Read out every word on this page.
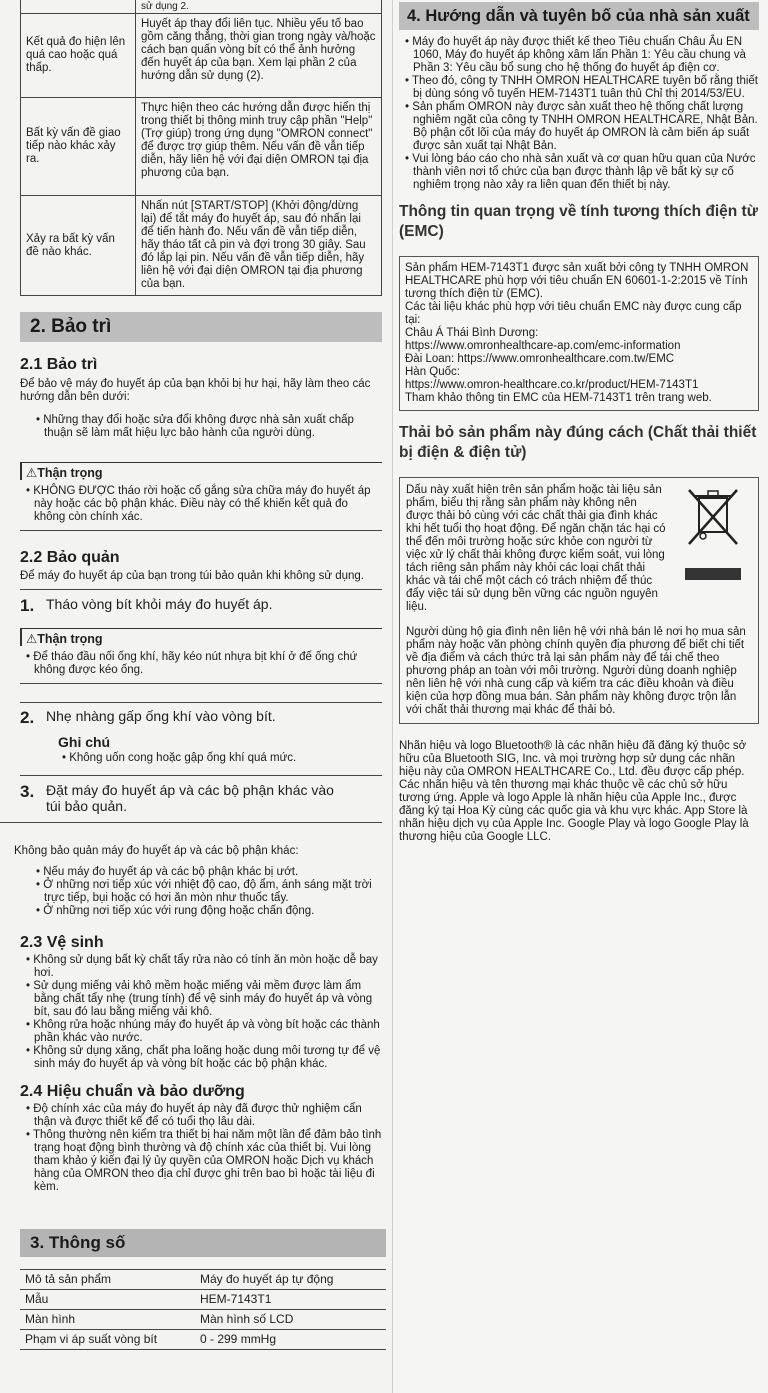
	sử dụng 2.
Kết quả đo hiện lên quá cao hoặc quá thấp.	Huyết áp thay đổi liên tục. Nhiều yếu tố bao gồm căng thẳng, thời gian trong ngày và/hoặc cách bạn quấn vòng bít có thể ảnh hưởng đến huyết áp của bạn. Xem lại phần 2 của hướng dẫn sử dụng (2).
Bất kỳ vấn đề giao tiếp nào khác xảy ra.	Thực hiện theo các hướng dẫn được hiển thị trong thiết bị thông minh truy cập phần "Help" (Trợ giúp) trong ứng dụng "OMRON connect" để được trợ giúp thêm. Nếu vấn đề vẫn tiếp diễn, hãy liên hệ với đại diện OMRON tại địa phương của bạn.
Xảy ra bất kỳ vấn đề nào khác.	Nhấn nút [START/STOP] (Khởi động/dừng lại) để tắt máy đo huyết áp, sau đó nhấn lại để tiến hành đo. Nếu vấn đề vẫn tiếp diễn, hãy tháo tất cả pin và đợi trong 30 giây. Sau đó lắp lại pin. Nếu vấn đề vẫn tiếp diễn, hãy liên hệ với đại diện OMRON tại địa phương của bạn.
2. Bảo trì

2.1 Bảo trì

Để bảo vệ máy đo huyết áp của bạn khỏi bị hư hại, hãy làm theo các hướng dẫn bên dưới:

• Những thay đổi hoặc sửa đổi không được nhà sản xuất chấp thuận sẽ làm mất hiệu lực bảo hành của người dùng.

⚠Thận trọng

• KHÔNG ĐƯỢC tháo rời hoặc cố gắng sửa chữa máy đo huyết áp này hoặc các bộ phận khác. Điều này có thể khiến kết quả đo không còn chính xác.

2.2 Bảo quản

Để máy đo huyết áp của bạn trong túi bảo quản khi không sử dụng.

1. Tháo vòng bít khỏi máy đo huyết áp.
⚠Thận trọng

• Để tháo đầu nối ống khí, hãy kéo nút nhựa bịt khí ở đế ống chứ không được kéo ống.

2. Nhẹ nhàng gấp ống khí vào vòng bít.

Ghi chú

• Không uốn cong hoặc gập ống khí quá mức.

3. Đặt máy đo huyết áp và các bộ phận khác vào túi bảo quản.

Không bảo quản máy đo huyết áp và các bộ phận khác:

• Nếu máy đo huyết áp và các bộ phận khác bị ướt.

• Ở những nơi tiếp xúc với nhiệt độ cao, độ ẩm, ánh sáng mặt trời trực tiếp, bụi hoặc có hơi ăn mòn như thuốc tẩy.

• Ở những nơi tiếp xúc với rung động hoặc chấn động.

2.3 Vệ sinh

• Không sử dụng bất kỳ chất tẩy rửa nào có tính ăn mòn hoặc dễ bay hơi.

• Sử dụng miếng vải khô mềm hoặc miếng vải mềm được làm ẩm bằng chất tẩy nhẹ (trung tính) để vệ sinh máy đo huyết áp và vòng bít, sau đó lau bằng miếng vải khô.

• Không rửa hoặc nhúng máy đo huyết áp và vòng bít hoặc các thành phần khác vào nước.

• Không sử dụng xăng, chất pha loãng hoặc dung môi tương tự để vệ sinh máy đo huyết áp và vòng bít hoặc các bộ phận khác.

2.4 Hiệu chuẩn và bảo dưỡng

• Độ chính xác của máy đo huyết áp này đã được thử nghiệm cẩn thận và được thiết kế để có tuổi thọ lâu dài.

• Thông thường nên kiểm tra thiết bị hai năm một lần để đảm bảo tình trạng hoạt động bình thường và độ chính xác của thiết bị. Vui lòng tham khảo ý kiến đại lý ủy quyền của OMRON hoặc Dịch vụ khách hàng của OMRON theo địa chỉ được ghi trên bao bì hoặc tài liệu đi kèm.

3. Thông số
Mô tả sản phẩm	Máy đo huyết áp tự động
Mẫu	HEM-7143T1
Màn hình	Màn hình số LCD
Phạm vi áp suất vòng bít	0 - 299 mmHg
4. Hướng dẫn và tuyên bố của nhà sản xuất

• Máy đo huyết áp này được thiết kế theo Tiêu chuẩn Châu Âu EN 1060, Máy đo huyết áp không xâm lấn Phần 1: Yêu cầu chung và Phần 3: Yêu cầu bổ sung cho hệ thống đo huyết áp điện cơ.

• Theo đó, công ty TNHH OMRON HEALTHCARE tuyên bố rằng thiết bị dùng sóng vô tuyến HEM-7143T1 tuân thủ Chỉ thị 2014/53/EU.

• Sản phẩm OMRON này được sản xuất theo hệ thống chất lượng nghiêm ngặt của công ty TNHH OMRON HEALTHCARE, Nhật Bản. Bộ phận cốt lõi của máy đo huyết áp OMRON là cảm biến áp suất được sản xuất tại Nhật Bản.

• Vui lòng báo cáo cho nhà sản xuất và cơ quan hữu quan của Nước thành viên nơi tổ chức của bạn được thành lập về bất kỳ sự cố nghiêm trọng nào xảy ra liên quan đến thiết bị này.

Thông tin quan trọng về tính tương thích điện từ (EMC)

Sản phẩm HEM-7143T1 được sản xuất bởi công ty TNHH OMRON HEALTHCARE phù hợp với tiêu chuẩn EN 60601-1-2:2015 về Tính tương thích điện từ (EMC).

Các tài liệu khác phù hợp với tiêu chuẩn EMC này được cung cấp tại:

Châu Á Thái Bình Dương:

https://www.omronhealthcare-ap.com/emc-information

Đài Loan: https://www.omronhealthcare.com.tw/EMC

Hàn Quốc:

https://www.omron-healthcare.co.kr/product/HEM-7143T1

Tham khảo thông tin EMC của HEM-7143T1 trên trang web.

Thải bỏ sản phẩm này đúng cách (Chất thải thiết bị điện & điện tử)

Dấu này xuất hiện trên sản phẩm hoặc tài liệu sản phẩm, biểu thị rằng sản phẩm này không nên được thải bỏ cùng với các chất thải gia đình khác khi hết tuổi thọ hoạt động. Để ngăn chặn tác hại có thể đến môi trường hoặc sức khỏe con người từ việc xử lý chất thải không được kiểm soát, vui lòng tách riêng sản phẩm này khỏi các loại chất thải khác và tái chế một cách có trách nhiệm để thúc đẩy việc tái sử dụng bền vững các nguồn nguyên liệu.

Người dùng hộ gia đình nên liên hệ với nhà bán lẻ nơi họ mua sản phẩm này hoặc văn phòng chính quyền địa phương để biết chi tiết về địa điểm và cách thức trả lại sản phẩm này để tái chế theo phương pháp an toàn với môi trường. Người dùng doanh nghiệp nên liên hệ với nhà cung cấp và kiểm tra các điều khoản và điều kiện của hợp đồng mua bán. Sản phẩm này không được trộn lẫn với chất thải thương mại khác để thải bỏ.

Nhãn hiệu và logo Bluetooth® là các nhãn hiệu đã đăng ký thuộc sở hữu của Bluetooth SIG, Inc. và mọi trường hợp sử dụng các nhãn hiệu này của OMRON HEALTHCARE Co., Ltd. đều được cấp phép. Các nhãn hiệu và tên thương mại khác thuộc về các chủ sở hữu tương ứng. Apple và logo Apple là nhãn hiệu của Apple Inc., được đăng ký tại Hoa Kỳ cùng các quốc gia và khu vực khác. App Store là nhãn hiệu dịch vụ của Apple Inc. Google Play và logo Google Play là thương hiệu của Google LLC.
